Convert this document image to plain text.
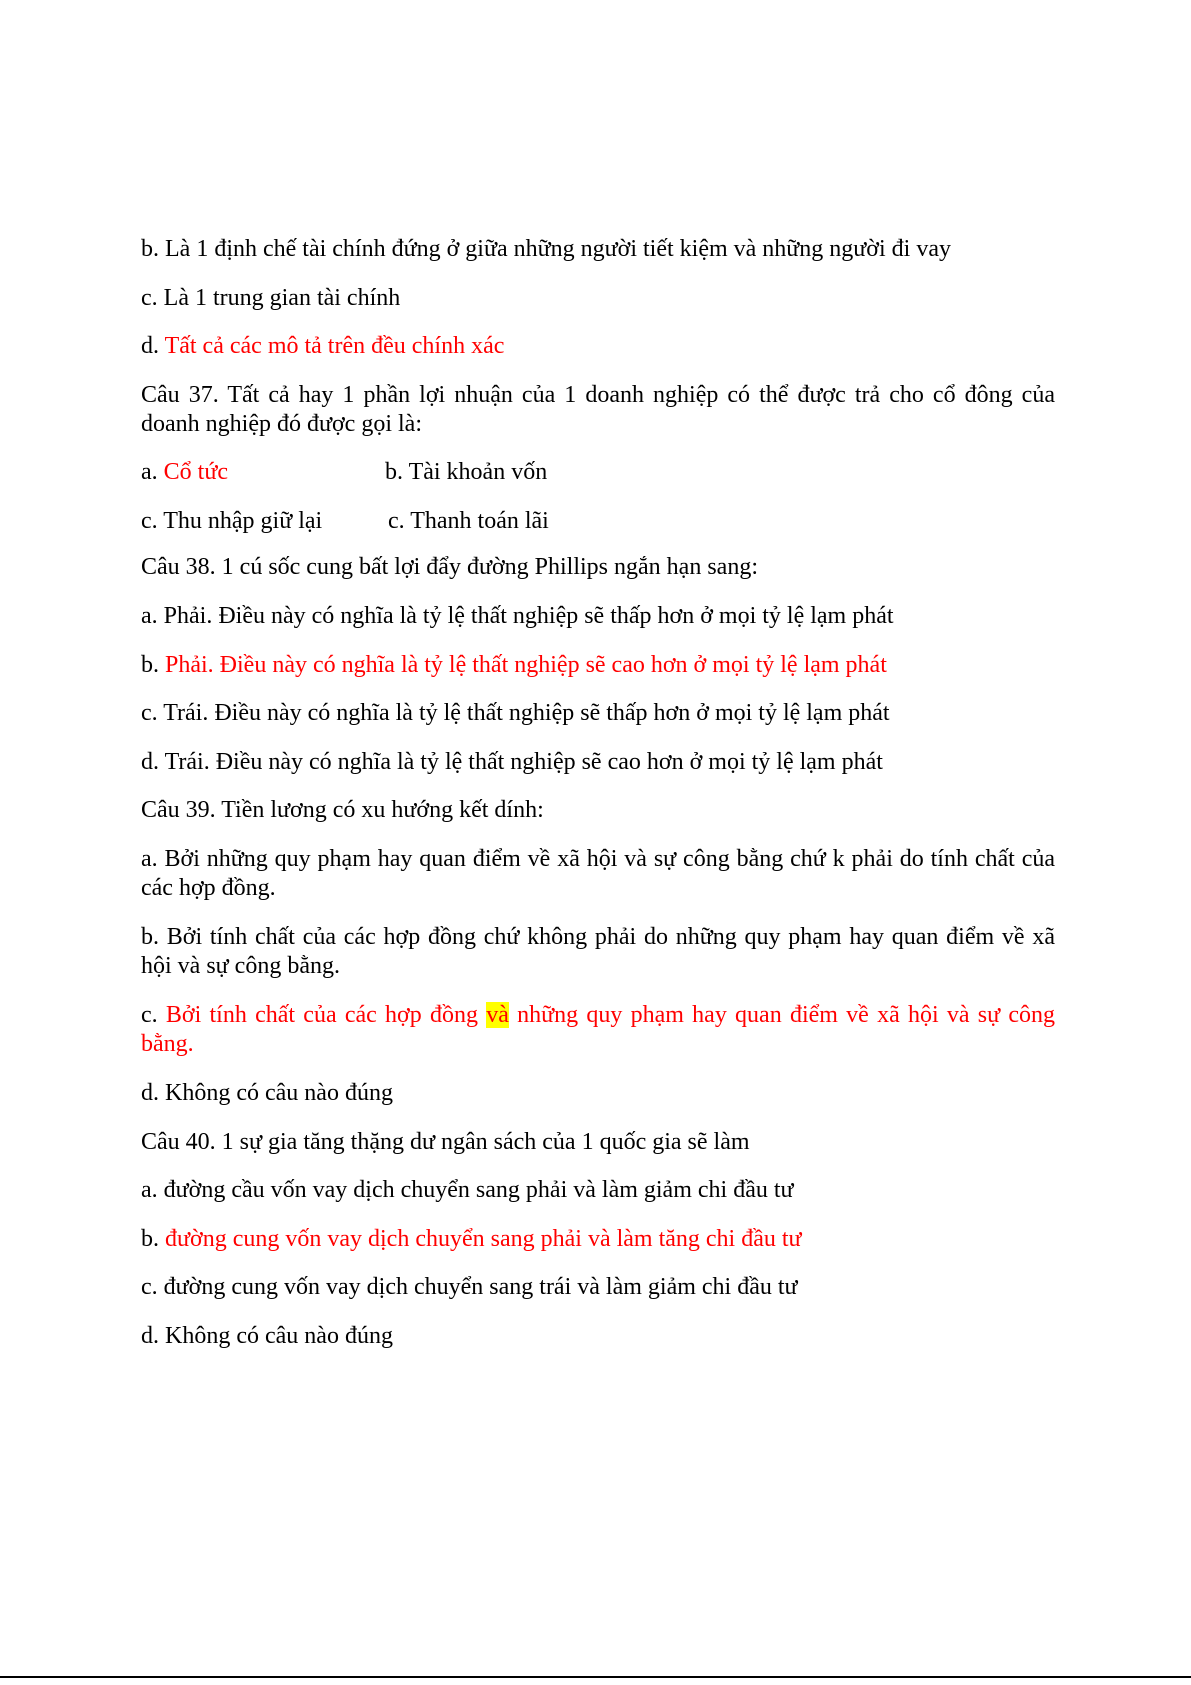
b. Là 1 định chế tài chính đứng ở giữa những người tiết kiệm và những người đi vay
c. Là 1 trung gian tài chính
d. Tất cả các mô tả trên đều chính xác
Câu 37. Tất cả hay 1 phần lợi nhuận của 1 doanh nghiệp có thể được trả cho cổ đông của doanh nghiệp đó được gọi là:
a. Cổ tức	b. Tài khoản vốn
c. Thu nhập giữ lại	c. Thanh toán lãi
Câu 38. 1 cú sốc cung bất lợi đẩy đường Phillips ngắn hạn sang:
a. Phải. Điều này có nghĩa là tỷ lệ thất nghiệp sẽ thấp hơn ở mọi tỷ lệ lạm phát
b. Phải. Điều này có nghĩa là tỷ lệ thất nghiệp sẽ cao hơn ở mọi tỷ lệ lạm phát
c. Trái. Điều này có nghĩa là tỷ lệ thất nghiệp sẽ thấp hơn ở mọi tỷ lệ lạm phát
d. Trái. Điều này có nghĩa là tỷ lệ thất nghiệp sẽ cao hơn ở mọi tỷ lệ lạm phát
Câu 39. Tiền lương có xu hướng kết dính:
a. Bởi những quy phạm hay quan điểm về xã hội và sự công bằng chứ k phải do tính chất của các hợp đồng.
b. Bởi tính chất của các hợp đồng chứ không phải do những quy phạm hay quan điểm về xã hội và sự công bằng.
c. Bởi tính chất của các hợp đồng và những quy phạm hay quan điểm về xã hội và sự công bằng.
d. Không có câu nào đúng
Câu 40. 1 sự gia tăng thặng dư ngân sách của 1 quốc gia sẽ làm
a. đường cầu vốn vay dịch chuyển sang phải và làm giảm chi đầu tư
b. đường cung vốn vay dịch chuyển sang phải và làm tăng chi đầu tư
c. đường cung vốn vay dịch chuyển sang trái và làm giảm chi đầu tư
d. Không có câu nào đúng
